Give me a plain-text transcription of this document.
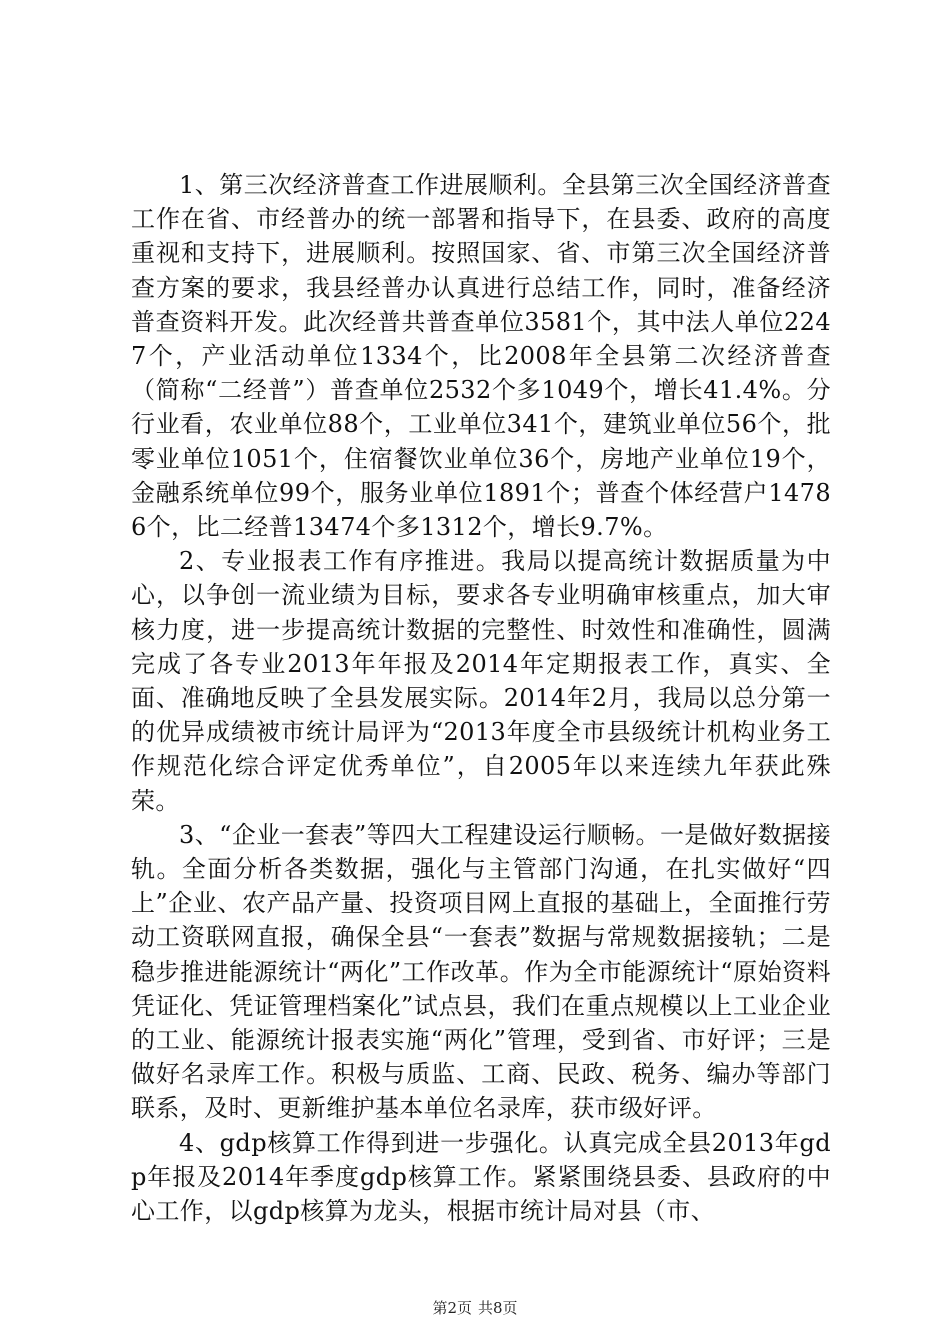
1、第三次经济普查工作进展顺利。全县第三次全国经济普查工作在省、市经普办的统一部署和指导下，在县委、政府的高度重视和支持下，进展顺利。按照国家、省、市第三次全国经济普查方案的要求，我县经普办认真进行总结工作，同时，准备经济普查资料开发。此次经普共普查单位3581个，其中法人单位2247个，产业活动单位1334个，比2008年全县第二次经济普查（简称“二经普”）普查单位2532个多1049个，增长41.4%。分行业看，农业单位88个，工业单位341个，建筑业单位56个，批零业单位1051个，住宿餐饮业单位36个，房地产业单位19个，金融系统单位99个，服务业单位1891个；普查个体经营户14786个，比二经普13474个多1312个，增长9.7%。

2、专业报表工作有序推进。我局以提高统计数据质量为中心，以争创一流业绩为目标，要求各专业明确审核重点，加大审核力度，进一步提高统计数据的完整性、时效性和准确性，圆满完成了各专业2013年年报及2014年定期报表工作，真实、全面、准确地反映了全县发展实际。2014年2月，我局以总分第一的优异成绩被市统计局评为“2013年度全市县级统计机构业务工作规范化综合评定优秀单位”，自2005年以来连续九年获此殊荣。

3、“企业一套表”等四大工程建设运行顺畅。一是做好数据接轨。全面分析各类数据，强化与主管部门沟通，在扎实做好“四上”企业、农产品产量、投资项目网上直报的基础上，全面推行劳动工资联网直报，确保全县“一套表”数据与常规数据接轨；二是稳步推进能源统计“两化”工作改革。作为全市能源统计“原始资料凭证化、凭证管理档案化”试点县，我们在重点规模以上工业企业的工业、能源统计报表实施“两化”管理，受到省、市好评；三是做好名录库工作。积极与质监、工商、民政、税务、编办等部门联系，及时、更新维护基本单位名录库，获市级好评。

4、gdp核算工作得到进一步强化。认真完成全县2013年gdp年报及2014年季度gdp核算工作。紧紧围绕县委、县政府的中心工作，以gdp核算为龙头，根据市统计局对县（市、

第2页 共8页
